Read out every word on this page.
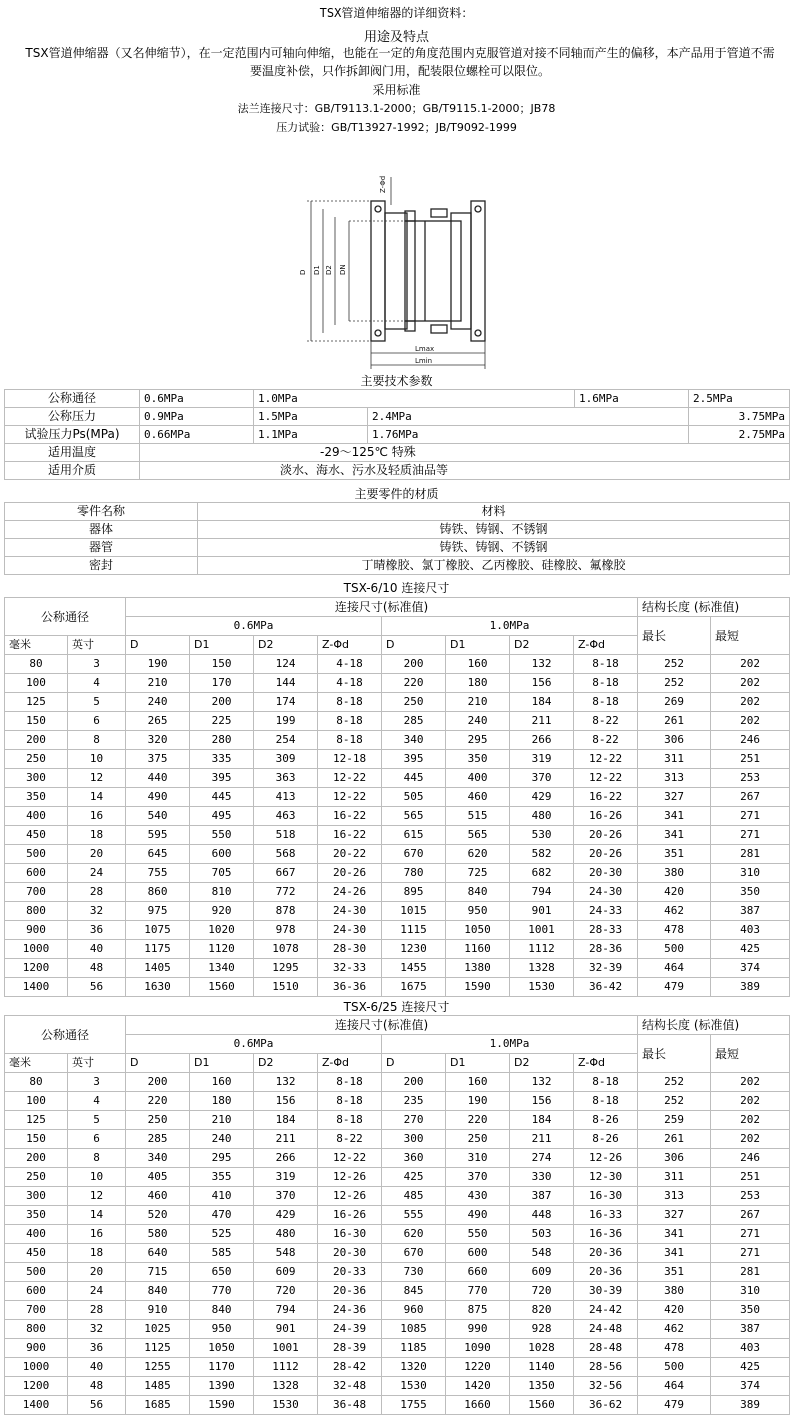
TSX管道伸缩器的详细资料：
用途及特点
TSX管道伸缩器（又名伸缩节），在一定范围内可轴向伸缩，也能在一定的角度范围内克服管道对接不同轴而产生的偏移，本产品用于管道不需要温度补偿，只作拆卸阀门用，配装限位螺栓可以限位。
采用标准
法兰连接尺寸：GB/T9113.1-2000；GB/T9115.1-2000；JB78
压力试验：GB/T13927-1992；JB/T9092-1999
Z-Φd
D D1 D2 DN
Lmax
Lmin
主要技术参数
公称通径	0.6MPa	1.0MPa		1.6MPa	2.5MPa
公称压力	0.9MPa	1.5MPa	2.4MPa		3.75MPa
试验压力Ps(MPa)	0.66MPa	1.1MPa	1.76MPa		2.75MPa
适用温度	-29～125℃ 特殊				
适用介质	淡水、海水、污水及轻质油品等				
主要零件的材质
零件名称	材料
器体	铸铁、铸钢、不锈钢
器管	铸铁、铸钢、不锈钢
密封	丁晴橡胶、氯丁橡胶、乙丙橡胶、硅橡胶、氟橡胶
TSX-6/10 连接尺寸
公称通径		连接尺寸(标准值)								结构长度 (标准值)	
		0.6MPa				1.0MPa				最长	最短
毫米	英寸	D	D1	D2	Z-Φd	D	D1	D2	Z-Φd		
80	3	190	150	124	4-18	200	160	132	8-18	252	202
100	4	210	170	144	4-18	220	180	156	8-18	252	202
125	5	240	200	174	8-18	250	210	184	8-18	269	202
150	6	265	225	199	8-18	285	240	211	8-22	261	202
200	8	320	280	254	8-18	340	295	266	8-22	306	246
250	10	375	335	309	12-18	395	350	319	12-22	311	251
300	12	440	395	363	12-22	445	400	370	12-22	313	253
350	14	490	445	413	12-22	505	460	429	16-22	327	267
400	16	540	495	463	16-22	565	515	480	16-26	341	271
450	18	595	550	518	16-22	615	565	530	20-26	341	271
500	20	645	600	568	20-22	670	620	582	20-26	351	281
600	24	755	705	667	20-26	780	725	682	20-30	380	310
700	28	860	810	772	24-26	895	840	794	24-30	420	350
800	32	975	920	878	24-30	1015	950	901	24-33	462	387
900	36	1075	1020	978	24-30	1115	1050	1001	28-33	478	403
1000	40	1175	1120	1078	28-30	1230	1160	1112	28-36	500	425
1200	48	1405	1340	1295	32-33	1455	1380	1328	32-39	464	374
1400	56	1630	1560	1510	36-36	1675	1590	1530	36-42	479	389
TSX-6/25 连接尺寸
公称通径		连接尺寸(标准值)								结构长度 (标准值)	
		0.6MPa				1.0MPa				最长	最短
毫米	英寸	D	D1	D2	Z-Φd	D	D1	D2	Z-Φd		
80	3	200	160	132	8-18	200	160	132	8-18	252	202
100	4	220	180	156	8-18	235	190	156	8-18	252	202
125	5	250	210	184	8-18	270	220	184	8-26	259	202
150	6	285	240	211	8-22	300	250	211	8-26	261	202
200	8	340	295	266	12-22	360	310	274	12-26	306	246
250	10	405	355	319	12-26	425	370	330	12-30	311	251
300	12	460	410	370	12-26	485	430	387	16-30	313	253
350	14	520	470	429	16-26	555	490	448	16-33	327	267
400	16	580	525	480	16-30	620	550	503	16-36	341	271
450	18	640	585	548	20-30	670	600	548	20-36	341	271
500	20	715	650	609	20-33	730	660	609	20-36	351	281
600	24	840	770	720	20-36	845	770	720	30-39	380	310
700	28	910	840	794	24-36	960	875	820	24-42	420	350
800	32	1025	950	901	24-39	1085	990	928	24-48	462	387
900	36	1125	1050	1001	28-39	1185	1090	1028	28-48	478	403
1000	40	1255	1170	1112	28-42	1320	1220	1140	28-56	500	425
1200	48	1485	1390	1328	32-48	1530	1420	1350	32-56	464	374
1400	56	1685	1590	1530	36-48	1755	1660	1560	36-62	479	389
